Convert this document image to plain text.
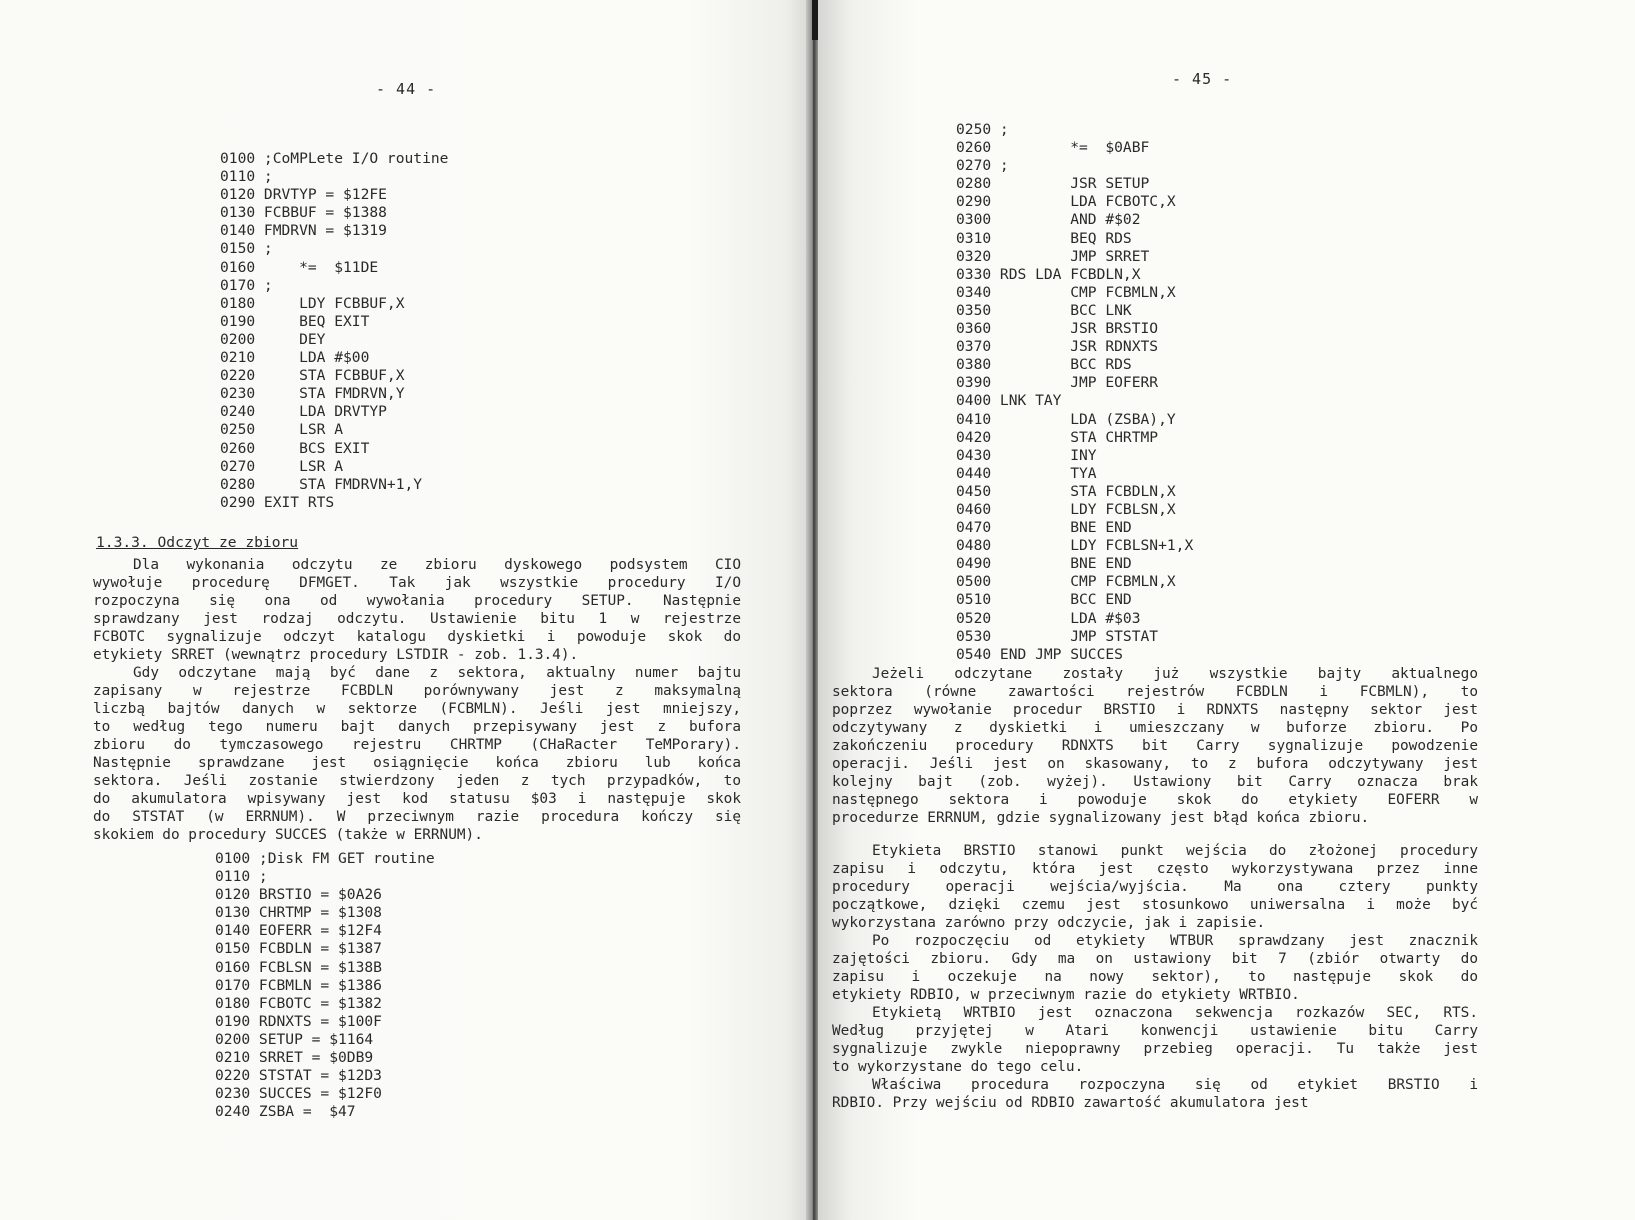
- 44 -
0100 ;CoMPLete I/O routine
0110 ;
0120 DRVTYP = $12FE
0130 FCBBUF = $1388
0140 FMDRVN = $1319
0150 ;
0160     *=  $11DE
0170 ;
0180     LDY FCBBUF,X
0190     BEQ EXIT
0200     DEY
0210     LDA #$00
0220     STA FCBBUF,X
0230     STA FMDRVN,Y
0240     LDA DRVTYP
0250     LSR A
0260     BCS EXIT
0270     LSR A
0280     STA FMDRVN+1,Y
0290 EXIT RTS
1.3.3. Odczyt ze zbioru
Dla wykonania odczytu ze zbioru dyskowego podsystem CIO
wywołuje procedurę DFMGET. Tak jak wszystkie procedury I/O
rozpoczyna się ona od wywołania procedury SETUP. Następnie
sprawdzany jest rodzaj odczytu. Ustawienie bitu 1 w rejestrze
FCBOTC sygnalizuje odczyt katalogu dyskietki i powoduje skok do
etykiety SRRET (wewnątrz procedury LSTDIR - zob. 1.3.4).
Gdy odczytane mają być dane z sektora, aktualny numer bajtu
zapisany w rejestrze FCBDLN porównywany jest z maksymalną
liczbą bajtów danych w sektorze (FCBMLN). Jeśli jest mniejszy,
to według tego numeru bajt danych przepisywany jest z bufora
zbioru do tymczasowego rejestru CHRTMP (CHaRacter TeMPorary).
Następnie sprawdzane jest osiągnięcie końca zbioru lub końca
sektora. Jeśli zostanie stwierdzony jeden z tych przypadków, to
do akumulatora wpisywany jest kod statusu $03 i następuje skok
do STSTAT (w ERRNUM). W przeciwnym razie procedura kończy się
skokiem do procedury SUCCES (także w ERRNUM).
0100 ;Disk FM GET routine
0110 ;
0120 BRSTIO = $0A26
0130 CHRTMP = $1308
0140 EOFERR = $12F4
0150 FCBDLN = $1387
0160 FCBLSN = $138B
0170 FCBMLN = $1386
0180 FCBOTC = $1382
0190 RDNXTS = $100F
0200 SETUP = $1164
0210 SRRET = $0DB9
0220 STSTAT = $12D3
0230 SUCCES = $12F0
0240 ZSBA =  $47
- 45 -
0250 ;
0260         *=  $0ABF
0270 ;
0280         JSR SETUP
0290         LDA FCBOTC,X
0300         AND #$02
0310         BEQ RDS
0320         JMP SRRET
0330 RDS LDA FCBDLN,X
0340         CMP FCBMLN,X
0350         BCC LNK
0360         JSR BRSTIO
0370         JSR RDNXTS
0380         BCC RDS
0390         JMP EOFERR
0400 LNK TAY
0410         LDA (ZSBA),Y
0420         STA CHRTMP
0430         INY
0440         TYA
0450         STA FCBDLN,X
0460         LDY FCBLSN,X
0470         BNE END
0480         LDY FCBLSN+1,X
0490         BNE END
0500         CMP FCBMLN,X
0510         BCC END
0520         LDA #$03
0530         JMP STSTAT
0540 END JMP SUCCES
Jeżeli odczytane zostały już wszystkie bajty aktualnego
sektora (równe zawartości rejestrów FCBDLN i FCBMLN), to
poprzez wywołanie procedur BRSTIO i RDNXTS następny sektor jest
odczytywany z dyskietki i umieszczany w buforze zbioru. Po
zakończeniu procedury RDNXTS bit Carry sygnalizuje powodzenie
operacji. Jeśli jest on skasowany, to z bufora odczytywany jest
kolejny bajt (zob. wyżej). Ustawiony bit Carry oznacza brak
następnego sektora i powoduje skok do etykiety EOFERR w
procedurze ERRNUM, gdzie sygnalizowany jest błąd końca zbioru.
Etykieta BRSTIO stanowi punkt wejścia do złożonej procedury
zapisu i odczytu, która jest często wykorzystywana przez inne
procedury operacji wejścia/wyjścia. Ma ona cztery punkty
początkowe, dzięki czemu jest stosunkowo uniwersalna i może być
wykorzystana zarówno przy odczycie, jak i zapisie.
Po rozpoczęciu od etykiety WTBUR sprawdzany jest znacznik
zajętości zbioru. Gdy ma on ustawiony bit 7 (zbiór otwarty do
zapisu i oczekuje na nowy sektor), to następuje skok do
etykiety RDBIO, w przeciwnym razie do etykiety WRTBIO.
Etykietą WRTBIO jest oznaczona sekwencja rozkazów SEC, RTS.
Według przyjętej w Atari konwencji ustawienie bitu Carry
sygnalizuje zwykle niepoprawny przebieg operacji. Tu także jest
to wykorzystane do tego celu.
Właściwa procedura rozpoczyna się od etykiet BRSTIO i
RDBIO. Przy wejściu od RDBIO zawartość akumulatora jest
